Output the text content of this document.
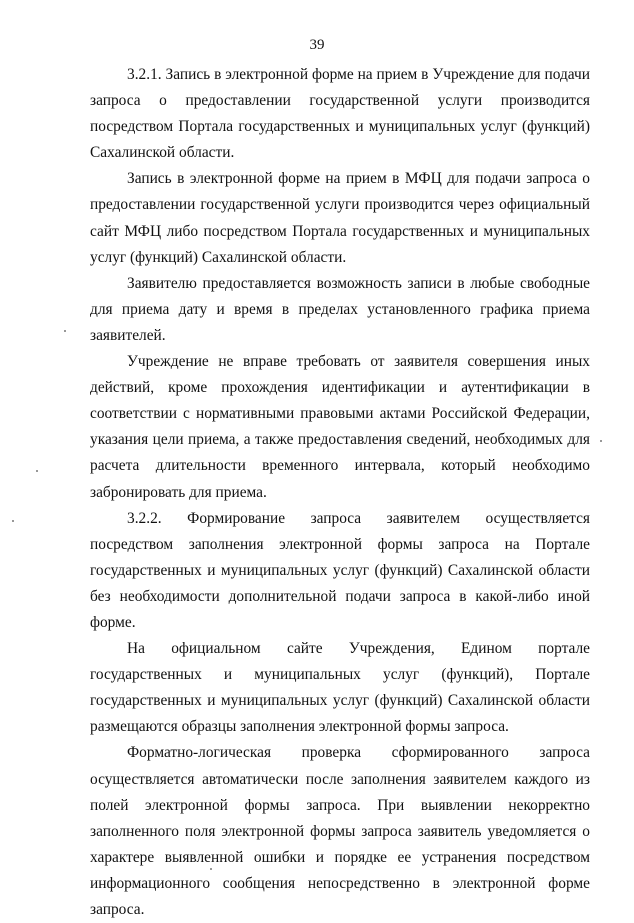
39

3.2.1. Запись в электронной форме на прием в Учреждение для подачи запроса о предоставлении государственной услуги производится посредством Портала государственных и муниципальных услуг (функций) Сахалинской области.

Запись в электронной форме на прием в МФЦ для подачи запроса о предоставлении государственной услуги производится через официальный сайт МФЦ либо посредством Портала государственных и муниципальных услуг (функций) Сахалинской области.

Заявителю предоставляется возможность записи в любые свободные для приема дату и время в пределах установленного графика приема заявителей.

Учреждение не вправе требовать от заявителя совершения иных действий, кроме прохождения идентификации и аутентификации в соответствии с нормативными правовыми актами Российской Федерации, указания цели приема, а также предоставления сведений, необходимых для расчета длительности временного интервала, который необходимо забронировать для приема.

3.2.2. Формирование запроса заявителем осуществляется посредством заполнения электронной формы запроса на Портале государственных и муниципальных услуг (функций) Сахалинской области без необходимости дополнительной подачи запроса в какой-либо иной форме.

На официальном сайте Учреждения, Едином портале государственных и муниципальных услуг (функций), Портале государственных и муниципальных услуг (функций) Сахалинской области размещаются образцы заполнения электронной формы запроса.

Форматно-логическая проверка сформированного запроса осуществляется автоматически после заполнения заявителем каждого из полей электронной формы запроса. При выявлении некорректно заполненного поля электронной формы запроса заявитель уведомляется о характере выявленной ошибки и порядке ее устранения посредством информационного сообщения непосредственно в электронной форме запроса.
